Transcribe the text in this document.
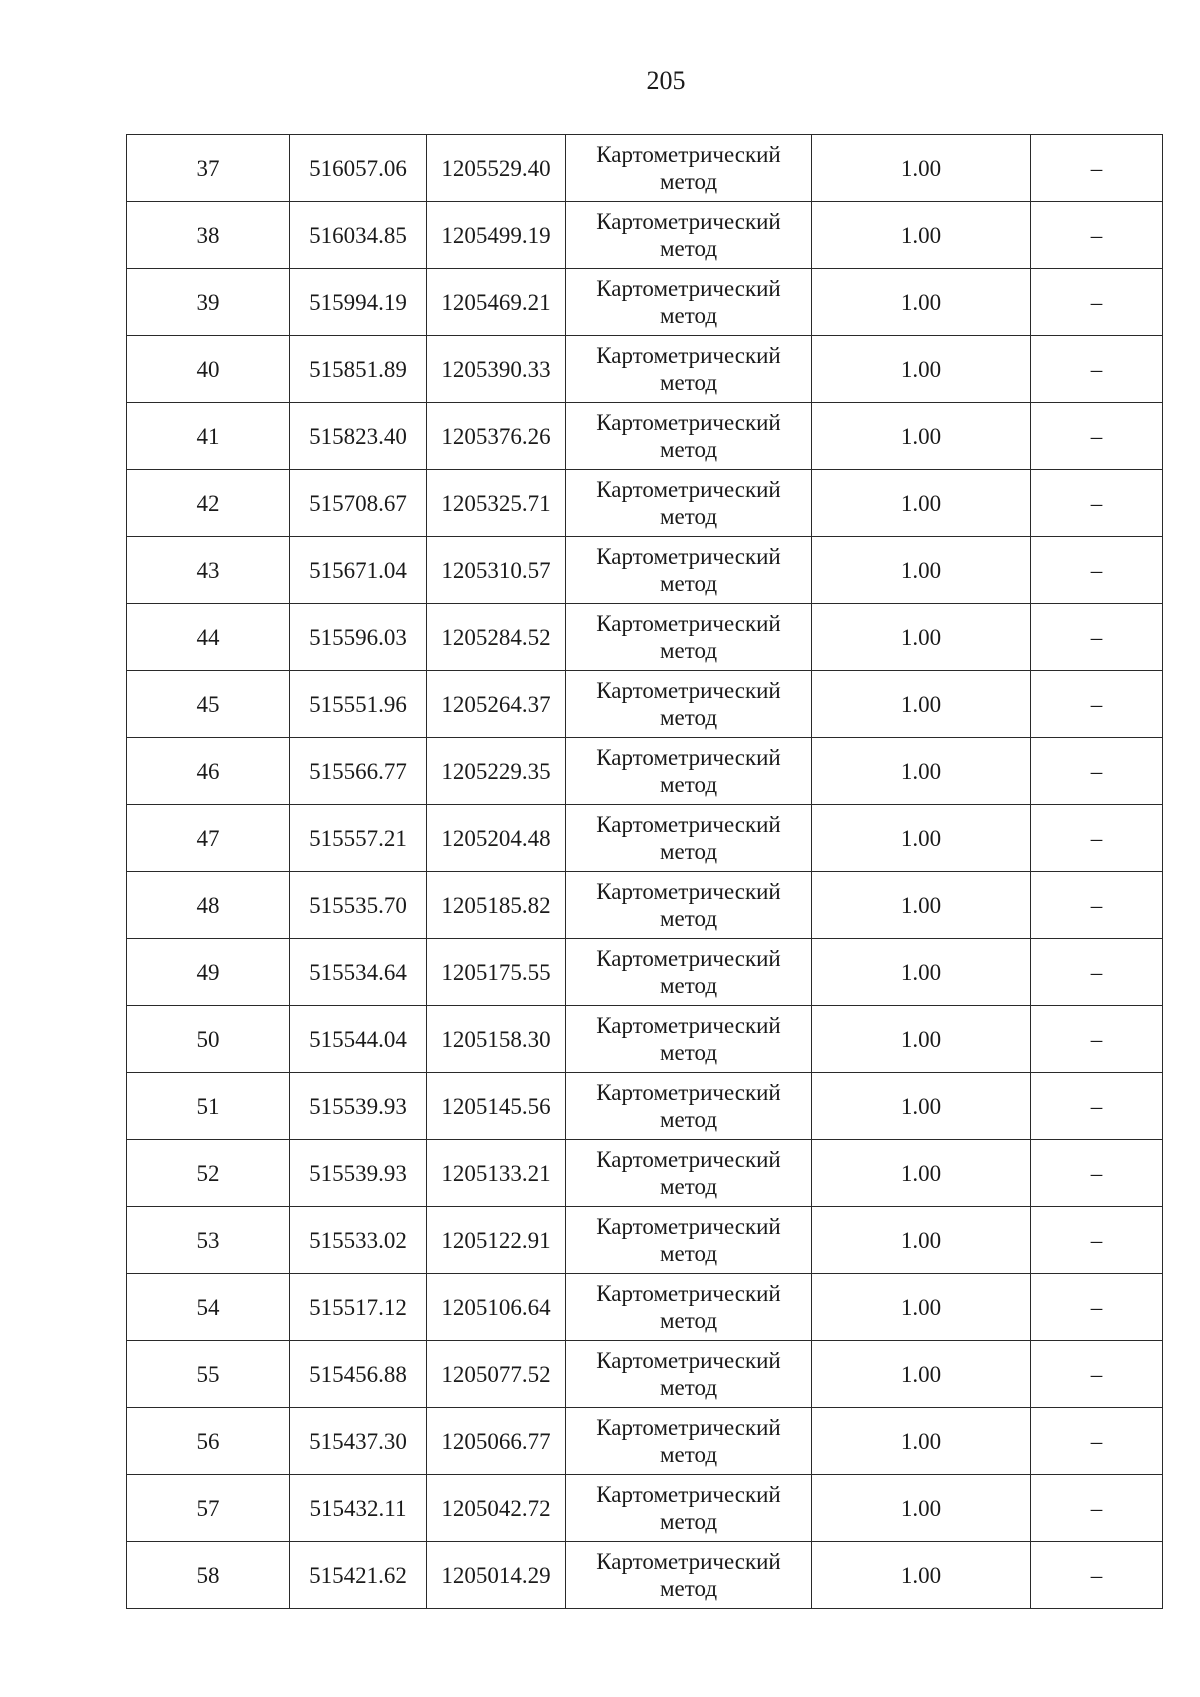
205
37	516057.06	1205529.40	Картометрический
метод	1.00	–
38	516034.85	1205499.19	Картометрический
метод	1.00	–
39	515994.19	1205469.21	Картометрический
метод	1.00	–
40	515851.89	1205390.33	Картометрический
метод	1.00	–
41	515823.40	1205376.26	Картометрический
метод	1.00	–
42	515708.67	1205325.71	Картометрический
метод	1.00	–
43	515671.04	1205310.57	Картометрический
метод	1.00	–
44	515596.03	1205284.52	Картометрический
метод	1.00	–
45	515551.96	1205264.37	Картометрический
метод	1.00	–
46	515566.77	1205229.35	Картометрический
метод	1.00	–
47	515557.21	1205204.48	Картометрический
метод	1.00	–
48	515535.70	1205185.82	Картометрический
метод	1.00	–
49	515534.64	1205175.55	Картометрический
метод	1.00	–
50	515544.04	1205158.30	Картометрический
метод	1.00	–
51	515539.93	1205145.56	Картометрический
метод	1.00	–
52	515539.93	1205133.21	Картометрический
метод	1.00	–
53	515533.02	1205122.91	Картометрический
метод	1.00	–
54	515517.12	1205106.64	Картометрический
метод	1.00	–
55	515456.88	1205077.52	Картометрический
метод	1.00	–
56	515437.30	1205066.77	Картометрический
метод	1.00	–
57	515432.11	1205042.72	Картометрический
метод	1.00	–
58	515421.62	1205014.29	Картометрический
метод	1.00	–
